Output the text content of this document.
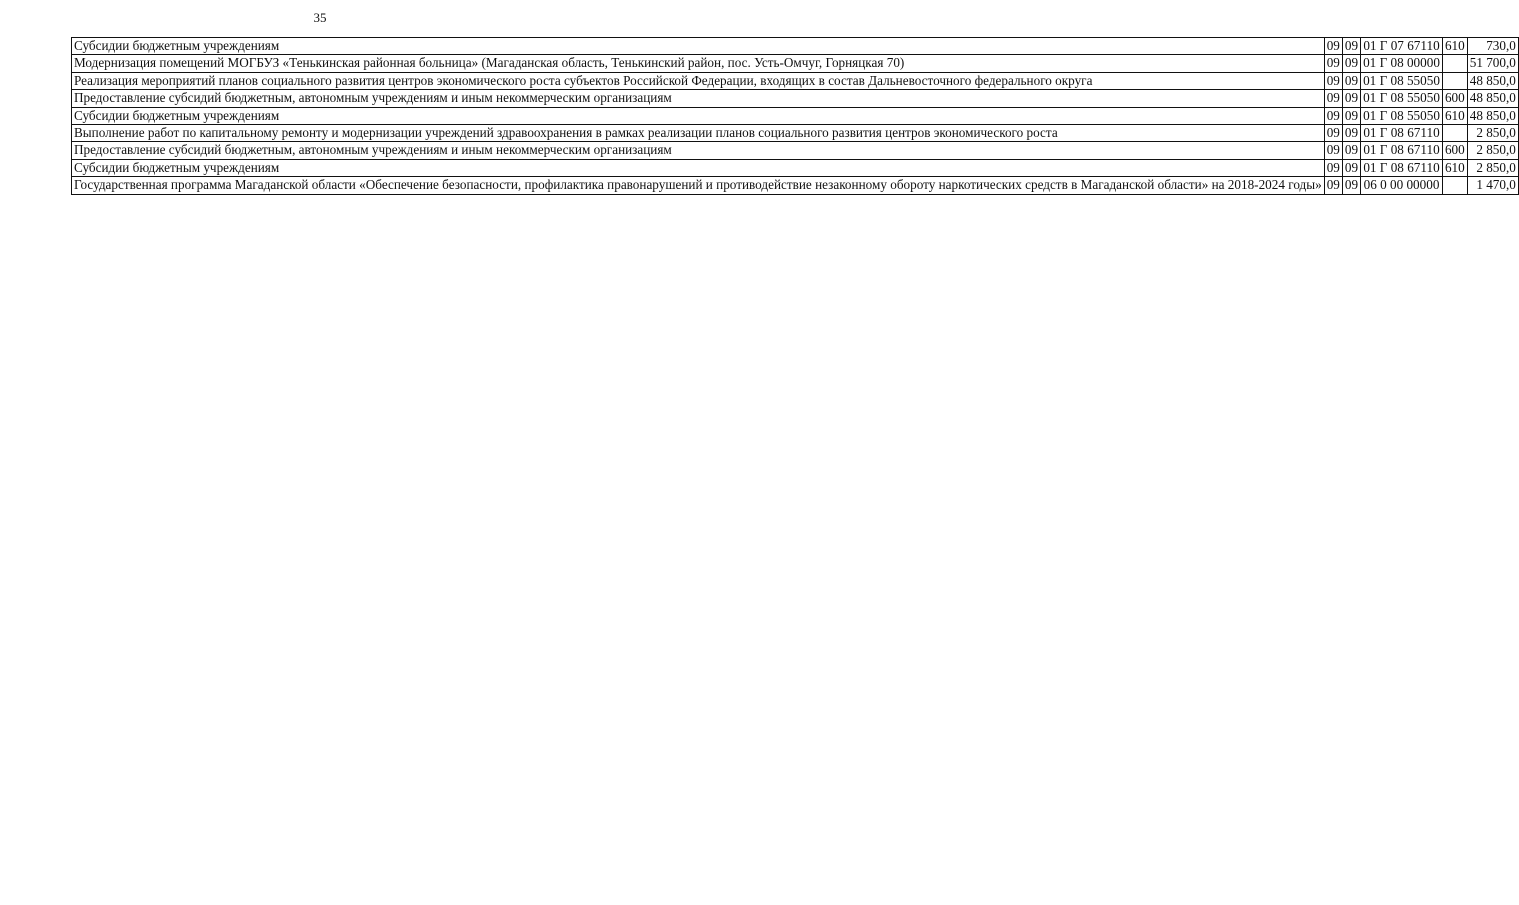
35
Субсидии бюджетным учреждениям	09	09	01 Г 07 67110	610	730,0
Модернизация помещений МОГБУЗ «Тенькинская районная больница» (Магаданская область, Тенькинский район, пос. Усть-Омчуг, Горняцкая 70)	09	09	01 Г 08 00000		51 700,0
Реализация мероприятий планов социального развития центров экономического роста субъектов Российской Федерации, входящих в состав Дальневосточного федерального округа	09	09	01 Г 08 55050		48 850,0
Предоставление субсидий бюджетным, автономным учреждениям и иным некоммерческим организациям	09	09	01 Г 08 55050	600	48 850,0
Субсидии бюджетным учреждениям	09	09	01 Г 08 55050	610	48 850,0
Выполнение работ по капитальному ремонту и модернизации учреждений здравоохранения в рамках реализации планов социального развития центров экономического роста	09	09	01 Г 08 67110		2 850,0
Предоставление субсидий бюджетным, автономным учреждениям и иным некоммерческим организациям	09	09	01 Г 08 67110	600	2 850,0
Субсидии бюджетным учреждениям	09	09	01 Г 08 67110	610	2 850,0
Государственная программа Магаданской области «Обеспечение безопасности, профилактика правонарушений и противодействие незаконному обороту наркотических средств в Магаданской области» на 2018-2024 годы»	09	09	06 0 00 00000		1 470,0
